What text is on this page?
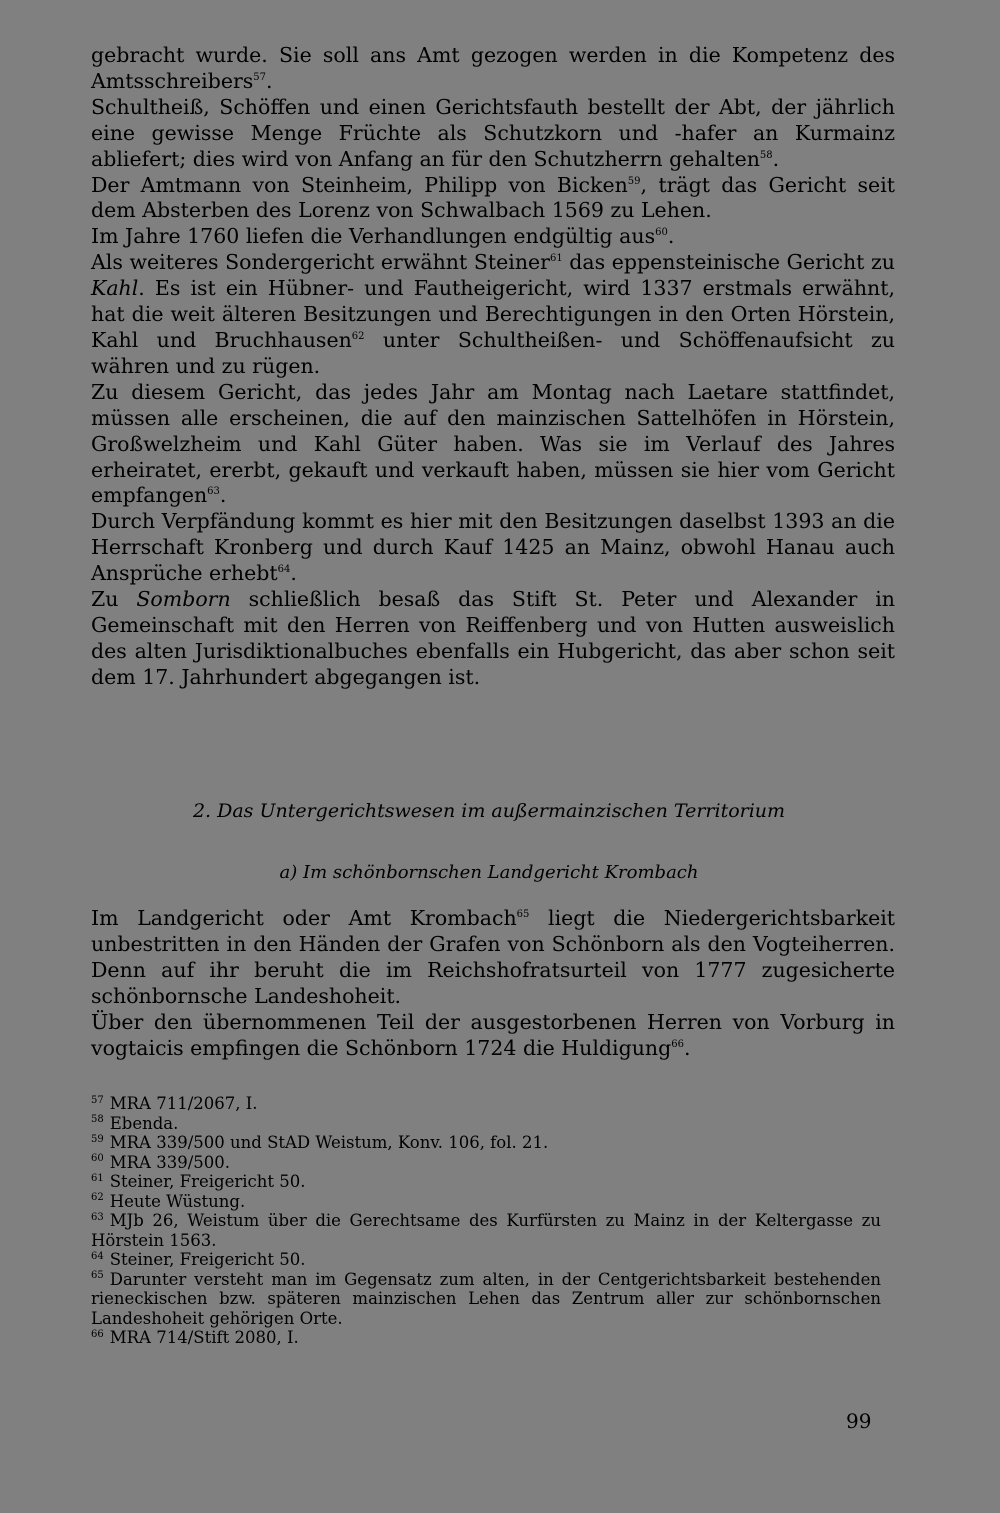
gebracht wurde. Sie soll ans Amt gezogen werden in die Kompetenz des Amtsschreibers$^{57}$.

Schultheiß, Schöffen und einen Gerichtsfauth bestellt der Abt, der jährlich eine gewisse Menge Früchte als Schutzkorn und -hafer an Kurmainz abliefert; dies wird von Anfang an für den Schutzherrn gehalten$^{58}$.

Der Amtmann von Steinheim, Philipp von Bicken$^{59}$, trägt das Gericht seit dem Absterben des Lorenz von Schwalbach 1569 zu Lehen.

Im Jahre 1760 liefen die Verhandlungen endgültig aus$^{60}$.

Als weiteres Sondergericht erwähnt Steiner$^{61}$ das eppensteinische Gericht zu Kahl. Es ist ein Hübner- und Fautheigericht, wird 1337 erstmals erwähnt, hat die weit älteren Besitzungen und Berechtigungen in den Orten Hörstein, Kahl und Bruchhausen$^{62}$ unter Schultheißen- und Schöffenaufsicht zu währen und zu rügen.

Zu diesem Gericht, das jedes Jahr am Montag nach Laetare stattfindet, müssen alle erscheinen, die auf den mainzischen Sattelhöfen in Hörstein, Großwelzheim und Kahl Güter haben. Was sie im Verlauf des Jahres erheiratet, ererbt, gekauft und verkauft haben, müssen sie hier vom Gericht empfangen$^{63}$.

Durch Verpfändung kommt es hier mit den Besitzungen daselbst 1393 an die Herrschaft Kronberg und durch Kauf 1425 an Mainz, obwohl Hanau auch Ansprüche erhebt$^{64}$.

Zu Somborn schließlich besaß das Stift St. Peter und Alexander in Gemeinschaft mit den Herren von Reiffenberg und von Hutten ausweislich des alten Jurisdiktionalbuches ebenfalls ein Hubgericht, das aber schon seit dem 17. Jahrhundert abgegangen ist.

2. Das Untergerichtswesen im außermainzischen Territorium
a) Im schönbornschen Landgericht Krombach

Im Landgericht oder Amt Krombach$^{65}$ liegt die Niedergerichtsbarkeit unbestritten in den Händen der Grafen von Schönborn als den Vogteiherren. Denn auf ihr beruht die im Reichshofratsurteil von 1777 zugesicherte schönbornsche Landeshoheit.

Über den übernommenen Teil der ausgestorbenen Herren von Vorburg in vogtaicis empfingen die Schönborn 1724 die Huldigung$^{66}$.

$^{57}$ MRA 711/2067, I.

$^{58}$ Ebenda.

$^{59}$ MRA 339/500 und StAD Weistum, Konv. 106, fol. 21.

$^{60}$ MRA 339/500.

$^{61}$ Steiner, Freigericht 50.

$^{62}$ Heute Wüstung.

$^{63}$ MJb 26, Weistum über die Gerechtsame des Kurfürsten zu Mainz in der Keltergasse zu Hörstein 1563.

$^{64}$ Steiner, Freigericht 50.

$^{65}$ Darunter versteht man im Gegensatz zum alten, in der Centgerichtsbarkeit bestehenden rieneckischen bzw. späteren mainzischen Lehen das Zentrum aller zur schönbornschen Landeshoheit gehörigen Orte.

$^{66}$ MRA 714/Stift 2080, I.

99
